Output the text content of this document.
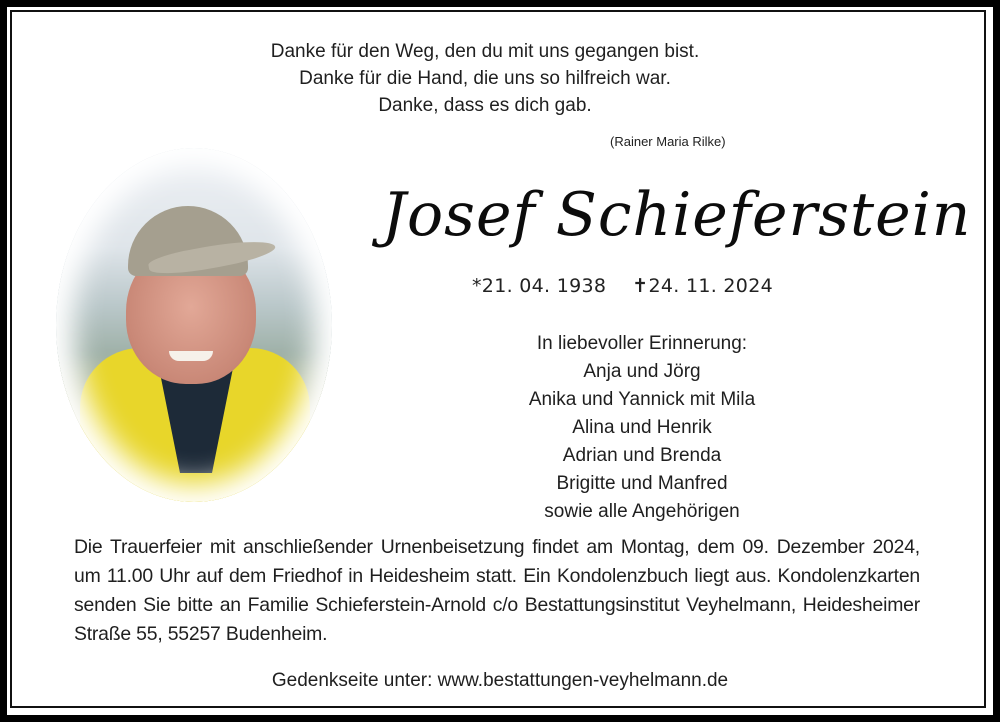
Danke für den Weg, den du mit uns gegangen bist.
Danke für die Hand, die uns so hilfreich war.
Danke, dass es dich gab.
(Rainer Maria Rilke)
Josef Schieferstein
*21. 04. 1938 ✝24. 11. 2024
In liebevoller Erinnerung:
Anja und Jörg
Anika und Yannick mit Mila
Alina und Henrik
Adrian und Brenda
Brigitte und Manfred
sowie alle Angehörigen
Die Trauerfeier mit anschließender Urnenbeisetzung findet am Montag, dem 09. Dezember 2024, um 11.00 Uhr auf dem Friedhof in Heidesheim statt. Ein Kondolenzbuch liegt aus. Kondolenzkarten senden Sie bitte an Familie Schieferstein-Arnold c/o Bestattungsinstitut Veyhelmann, Heidesheimer Straße 55, 55257 Budenheim.
Gedenkseite unter: www.bestattungen-veyhelmann.de
